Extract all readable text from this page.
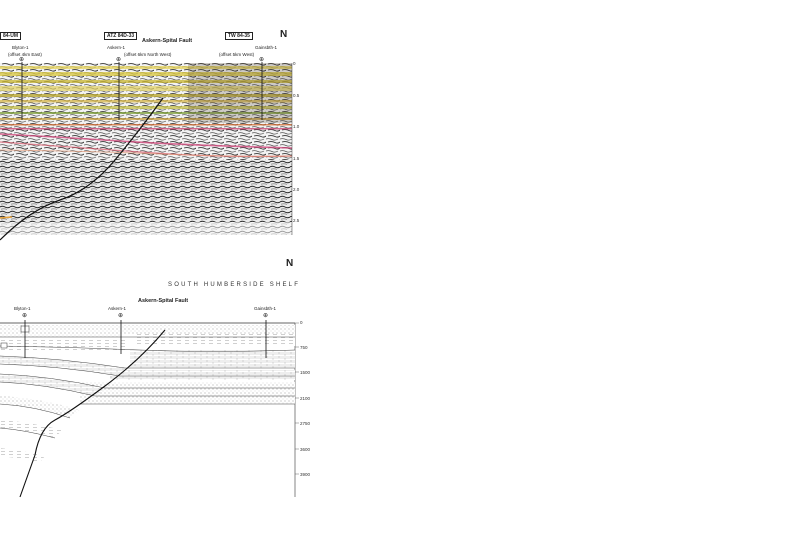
84-UM	ATZ 84D-33	TW 84-35
Askern-Spital Fault
N
Blyton-1
(offset 4km East)
Askern-1
(offset 6km North West)
Gainsbth-1
(offset 5km West)
⊕	⊕	⊕
0
0.5
1.0
1.5
2.0
2.5
N
SOUTH HUMBERSIDE SHELF
Askern-Spital Fault
Blyton-1	Askern-1	Gainsbth-1
⊕	⊕	⊕
0
750
1500
2100
2750
3600
3900
